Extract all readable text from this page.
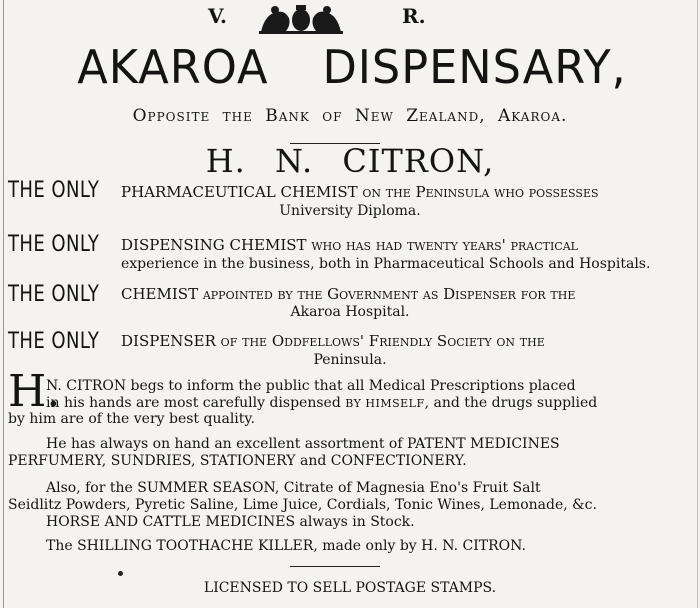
V.	R.
AKAROA DISPENSARY,
Opposite the Bank of New Zealand, Akaroa.
H. N. CITRON,
THE ONLY PHARMACEUTICAL CHEMIST on the Peninsula who possesses
University Diploma.
THE ONLY DISPENSING CHEMIST who has had twenty years' practical
experience in the business, both in Pharmaceutical Schools and Hospitals.
THE ONLY CHEMIST appointed by the Government as Dispenser for the
Akaroa Hospital.
THE ONLY DISPENSER of the Oddfellows' Friendly Society on the
Peninsula.
H.
N. CITRON begs to inform the public that all Medical Prescriptions placed
in his hands are most carefully dispensed BY HIMSELF, and the drugs supplied
by him are of the very best quality.
He has always on hand an excellent assortment of PATENT MEDICINES
PERFUMERY, SUNDRIES, STATIONERY and CONFECTIONERY.
Also, for the SUMMER SEASON, Citrate of Magnesia Eno's Fruit Salt
Seidlitz Powders, Pyretic Saline, Lime Juice, Cordials, Tonic Wines, Lemonade, &c.
HORSE AND CATTLE MEDICINES always in Stock.
The SHILLING TOOTHACHE KILLER, made only by H. N. CITRON.
LICENSED TO SELL POSTAGE STAMPS.
